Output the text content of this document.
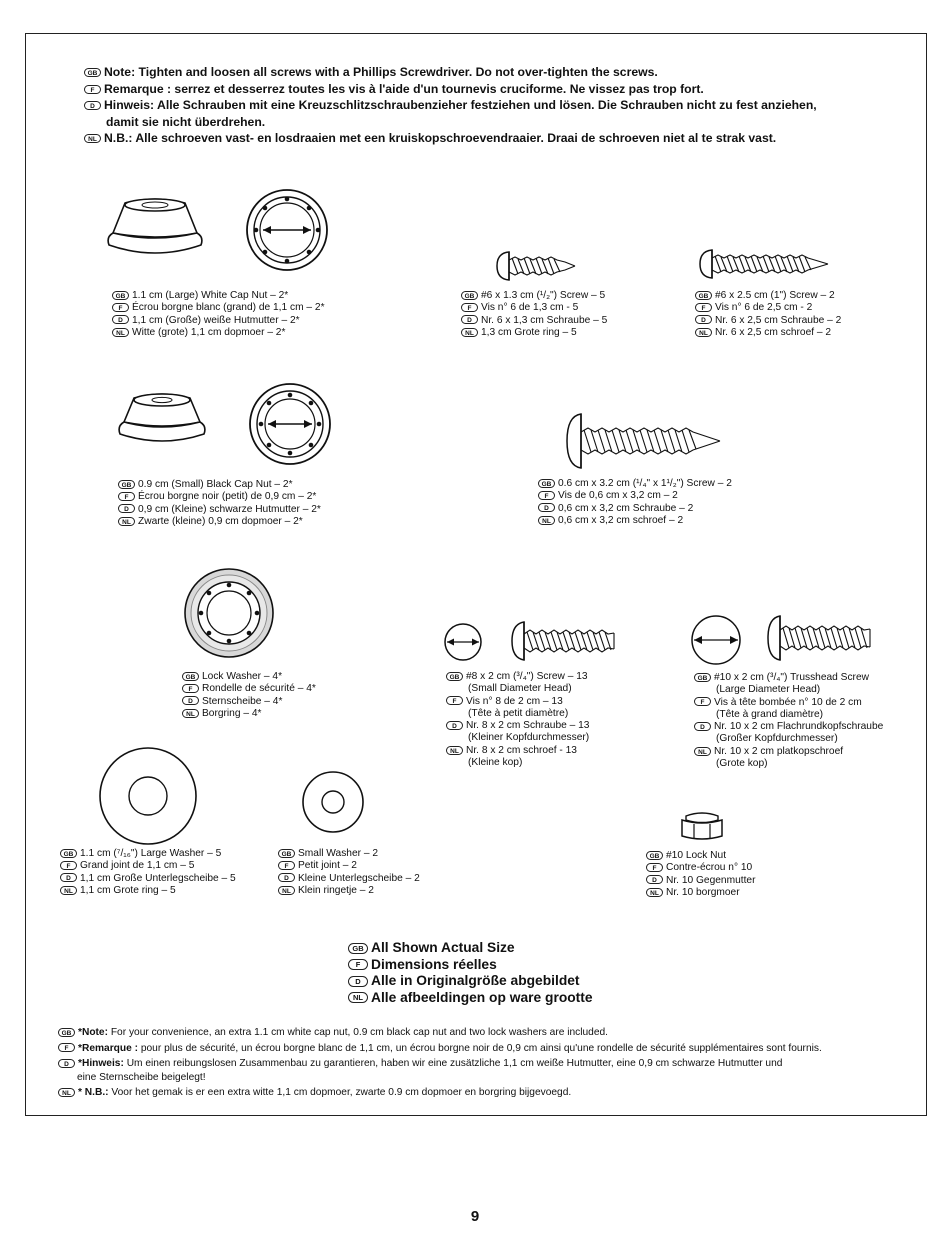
GB Note: Tighten and loosen all screws with a Phillips Screwdriver. Do not over-tighten the screws.
F Remarque : serrez et desserrez toutes les vis à l'aide d'un tournevis cruciforme. Ne vissez pas trop fort.
D Hinweis: Alle Schrauben mit eine Kreuzschlitzschraubenzieher festziehen und lösen. Die Schrauben nicht zu fest anziehen,
damit sie nicht überdrehen.
NL N.B.: Alle schroeven vast- en losdraaien met een kruiskopschroevendraaier. Draai de schroeven niet al te strak vast.
GB 1.1 cm (Large) White Cap Nut – 2*
F Écrou borgne blanc (grand) de 1,1 cm – 2*
D 1,1 cm (Große) weiße Hutmutter – 2*
NL Witte (grote) 1,1 cm dopmoer – 2*
GB #6 x 1.3 cm (¹/₂") Screw – 5
F Vis n° 6 de 1,3 cm - 5
D Nr. 6 x 1,3 cm Schraube – 5
NL 1,3 cm Grote ring – 5
GB #6 x 2.5 cm (1") Screw – 2
F Vis n° 6 de 2,5 cm - 2
D Nr. 6 x 2,5 cm Schraube – 2
NL Nr. 6 x 2,5 cm schroef – 2
GB 0.9 cm (Small) Black Cap Nut – 2*
F Écrou borgne noir (petit) de 0,9 cm – 2*
D 0,9 cm (Kleine) schwarze Hutmutter – 2*
NL Zwarte (kleine) 0,9 cm dopmoer – 2*
GB 0.6 cm x 3.2 cm (¹/₄" x 1¹/₂") Screw – 2
F Vis de 0,6 cm x 3,2 cm – 2
D 0,6 cm x 3,2 cm Schraube – 2
NL 0,6 cm x 3,2 cm schroef – 2
GB Lock Washer – 4*
F Rondelle de sécurité – 4*
D Sternscheibe – 4*
NL Borgring – 4*
GB #8 x 2 cm (³/₄") Screw – 13
(Small Diameter Head)
F Vis n° 8 de 2 cm – 13
(Tête à petit diamètre)
D Nr. 8 x 2 cm Schraube – 13
(Kleiner Kopfdurchmesser)
NL Nr. 8 x 2 cm schroef - 13
(Kleine kop)
GB #10 x 2 cm (³/₄") Trusshead Screw
(Large Diameter Head)
F Vis à tête bombée n° 10 de 2 cm
(Tête à grand diamètre)
D Nr. 10 x 2 cm Flachrundkopfschraube
(Großer Kopfdurchmesser)
NL Nr. 10 x 2 cm platkopschroef
(Grote kop)
GB 1.1 cm (⁷/₁₆") Large Washer – 5
F Grand joint de 1,1 cm – 5
D 1,1 cm Große Unterlegscheibe – 5
NL 1,1 cm Grote ring – 5
GB Small Washer – 2
F Petit joint – 2
D Kleine Unterlegscheibe – 2
NL Klein ringetje – 2
GB #10 Lock Nut
F Contre-écrou n° 10
D Nr. 10 Gegenmutter
NL Nr. 10 borgmoer
GB All Shown Actual Size
F Dimensions réelles
D Alle in Originalgröße abgebildet
NL Alle afbeeldingen op ware grootte
GB *Note: For your convenience, an extra 1.1 cm white cap nut, 0.9 cm black cap nut and two lock washers are included.
F *Remarque : pour plus de sécurité, un écrou borgne blanc de 1,1 cm, un écrou borgne noir de 0,9 cm ainsi qu'une rondelle de sécurité supplémentaires sont fournis.
D *Hinweis: Um einen reibungslosen Zusammenbau zu garantieren, haben wir eine zusätzliche 1,1 cm weiße Hutmutter, eine 0,9 cm schwarze Hutmutter und
eine Sternscheibe beigelegt!
NL * N.B.: Voor het gemak is er een extra witte 1,1 cm dopmoer, zwarte 0.9 cm dopmoer en borgring bijgevoegd.
9
